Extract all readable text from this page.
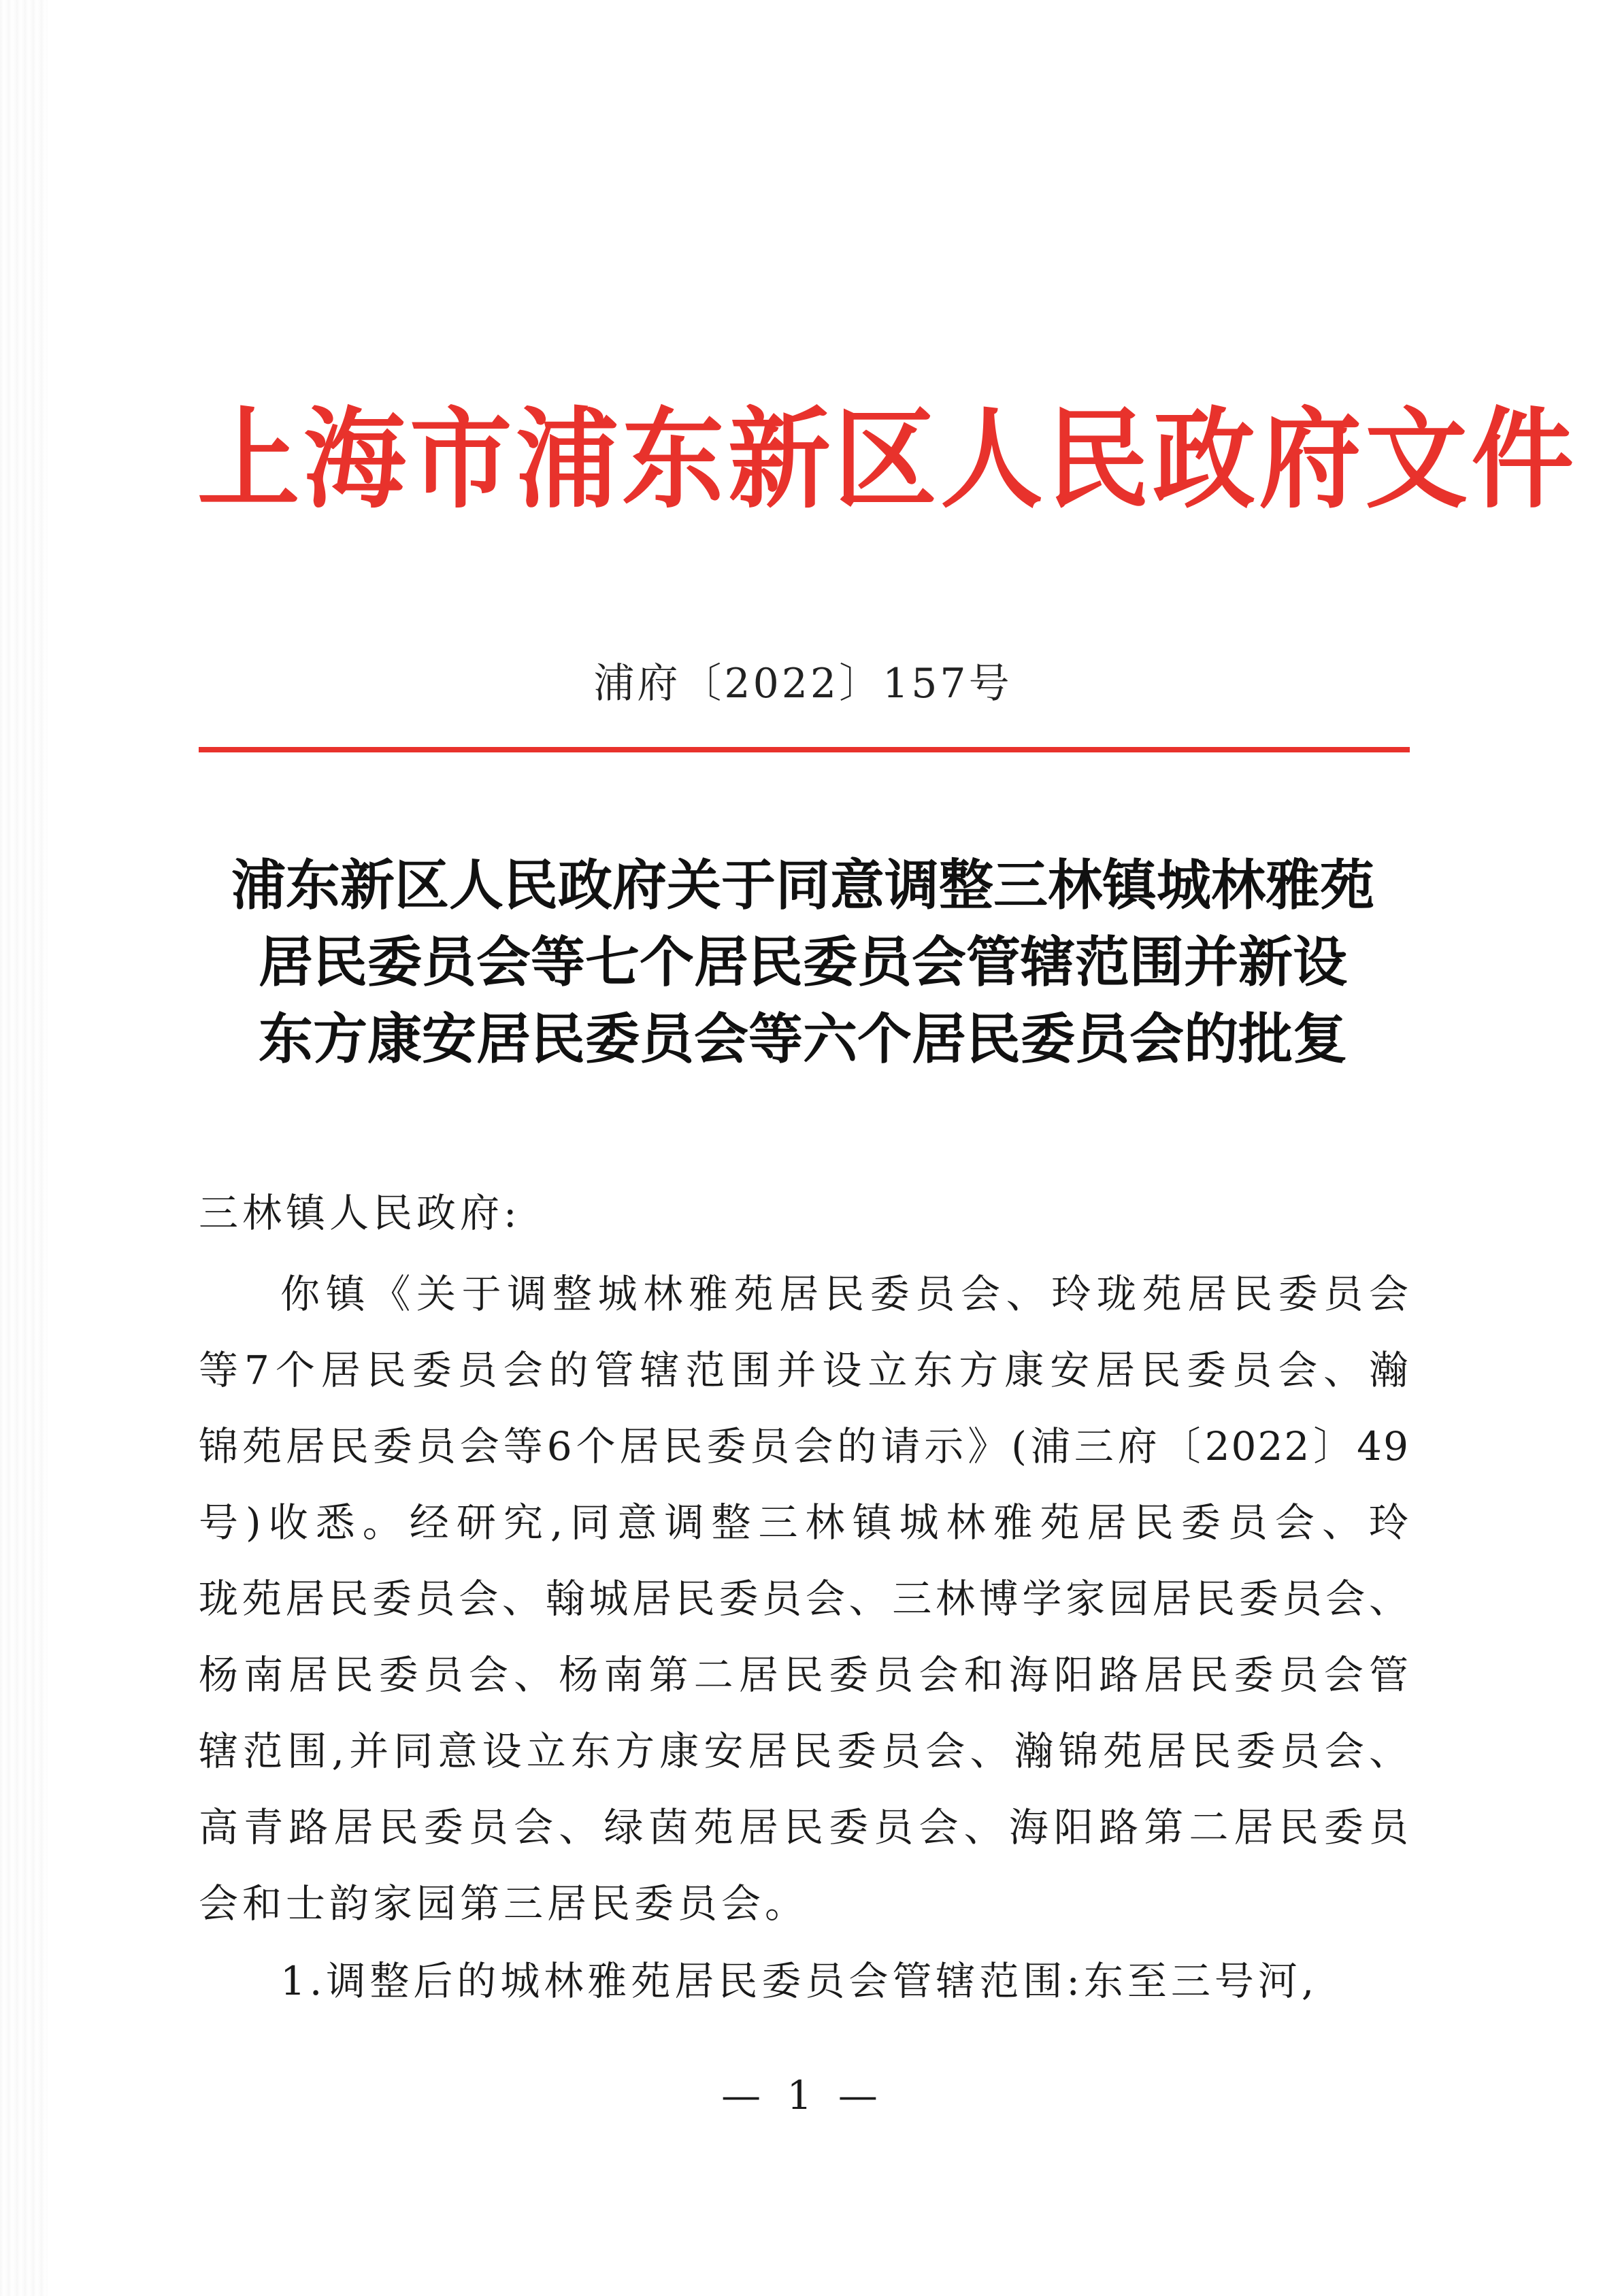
上海市浦东新区人民政府文件
浦府〔2022〕157号
浦东新区人民政府关于同意调整三林镇城林雅苑
居民委员会等七个居民委员会管辖范围并新设
东方康安居民委员会等六个居民委员会的批复
三林镇人民政府:
你镇《关于调整城林雅苑居民委员会、玲珑苑居民委员会
等7个居民委员会的管辖范围并设立东方康安居民委员会、瀚
锦苑居民委员会等6个居民委员会的请示》(浦三府〔2022〕49
号)收悉。经研究,同意调整三林镇城林雅苑居民委员会、玲
珑苑居民委员会、翰城居民委员会、三林博学家园居民委员会、
杨南居民委员会、杨南第二居民委员会和海阳路居民委员会管
辖范围,并同意设立东方康安居民委员会、瀚锦苑居民委员会、
高青路居民委员会、绿茵苑居民委员会、海阳路第二居民委员
会和士韵家园第三居民委员会。
1.调整后的城林雅苑居民委员会管辖范围:东至三号河,
— 1 —
